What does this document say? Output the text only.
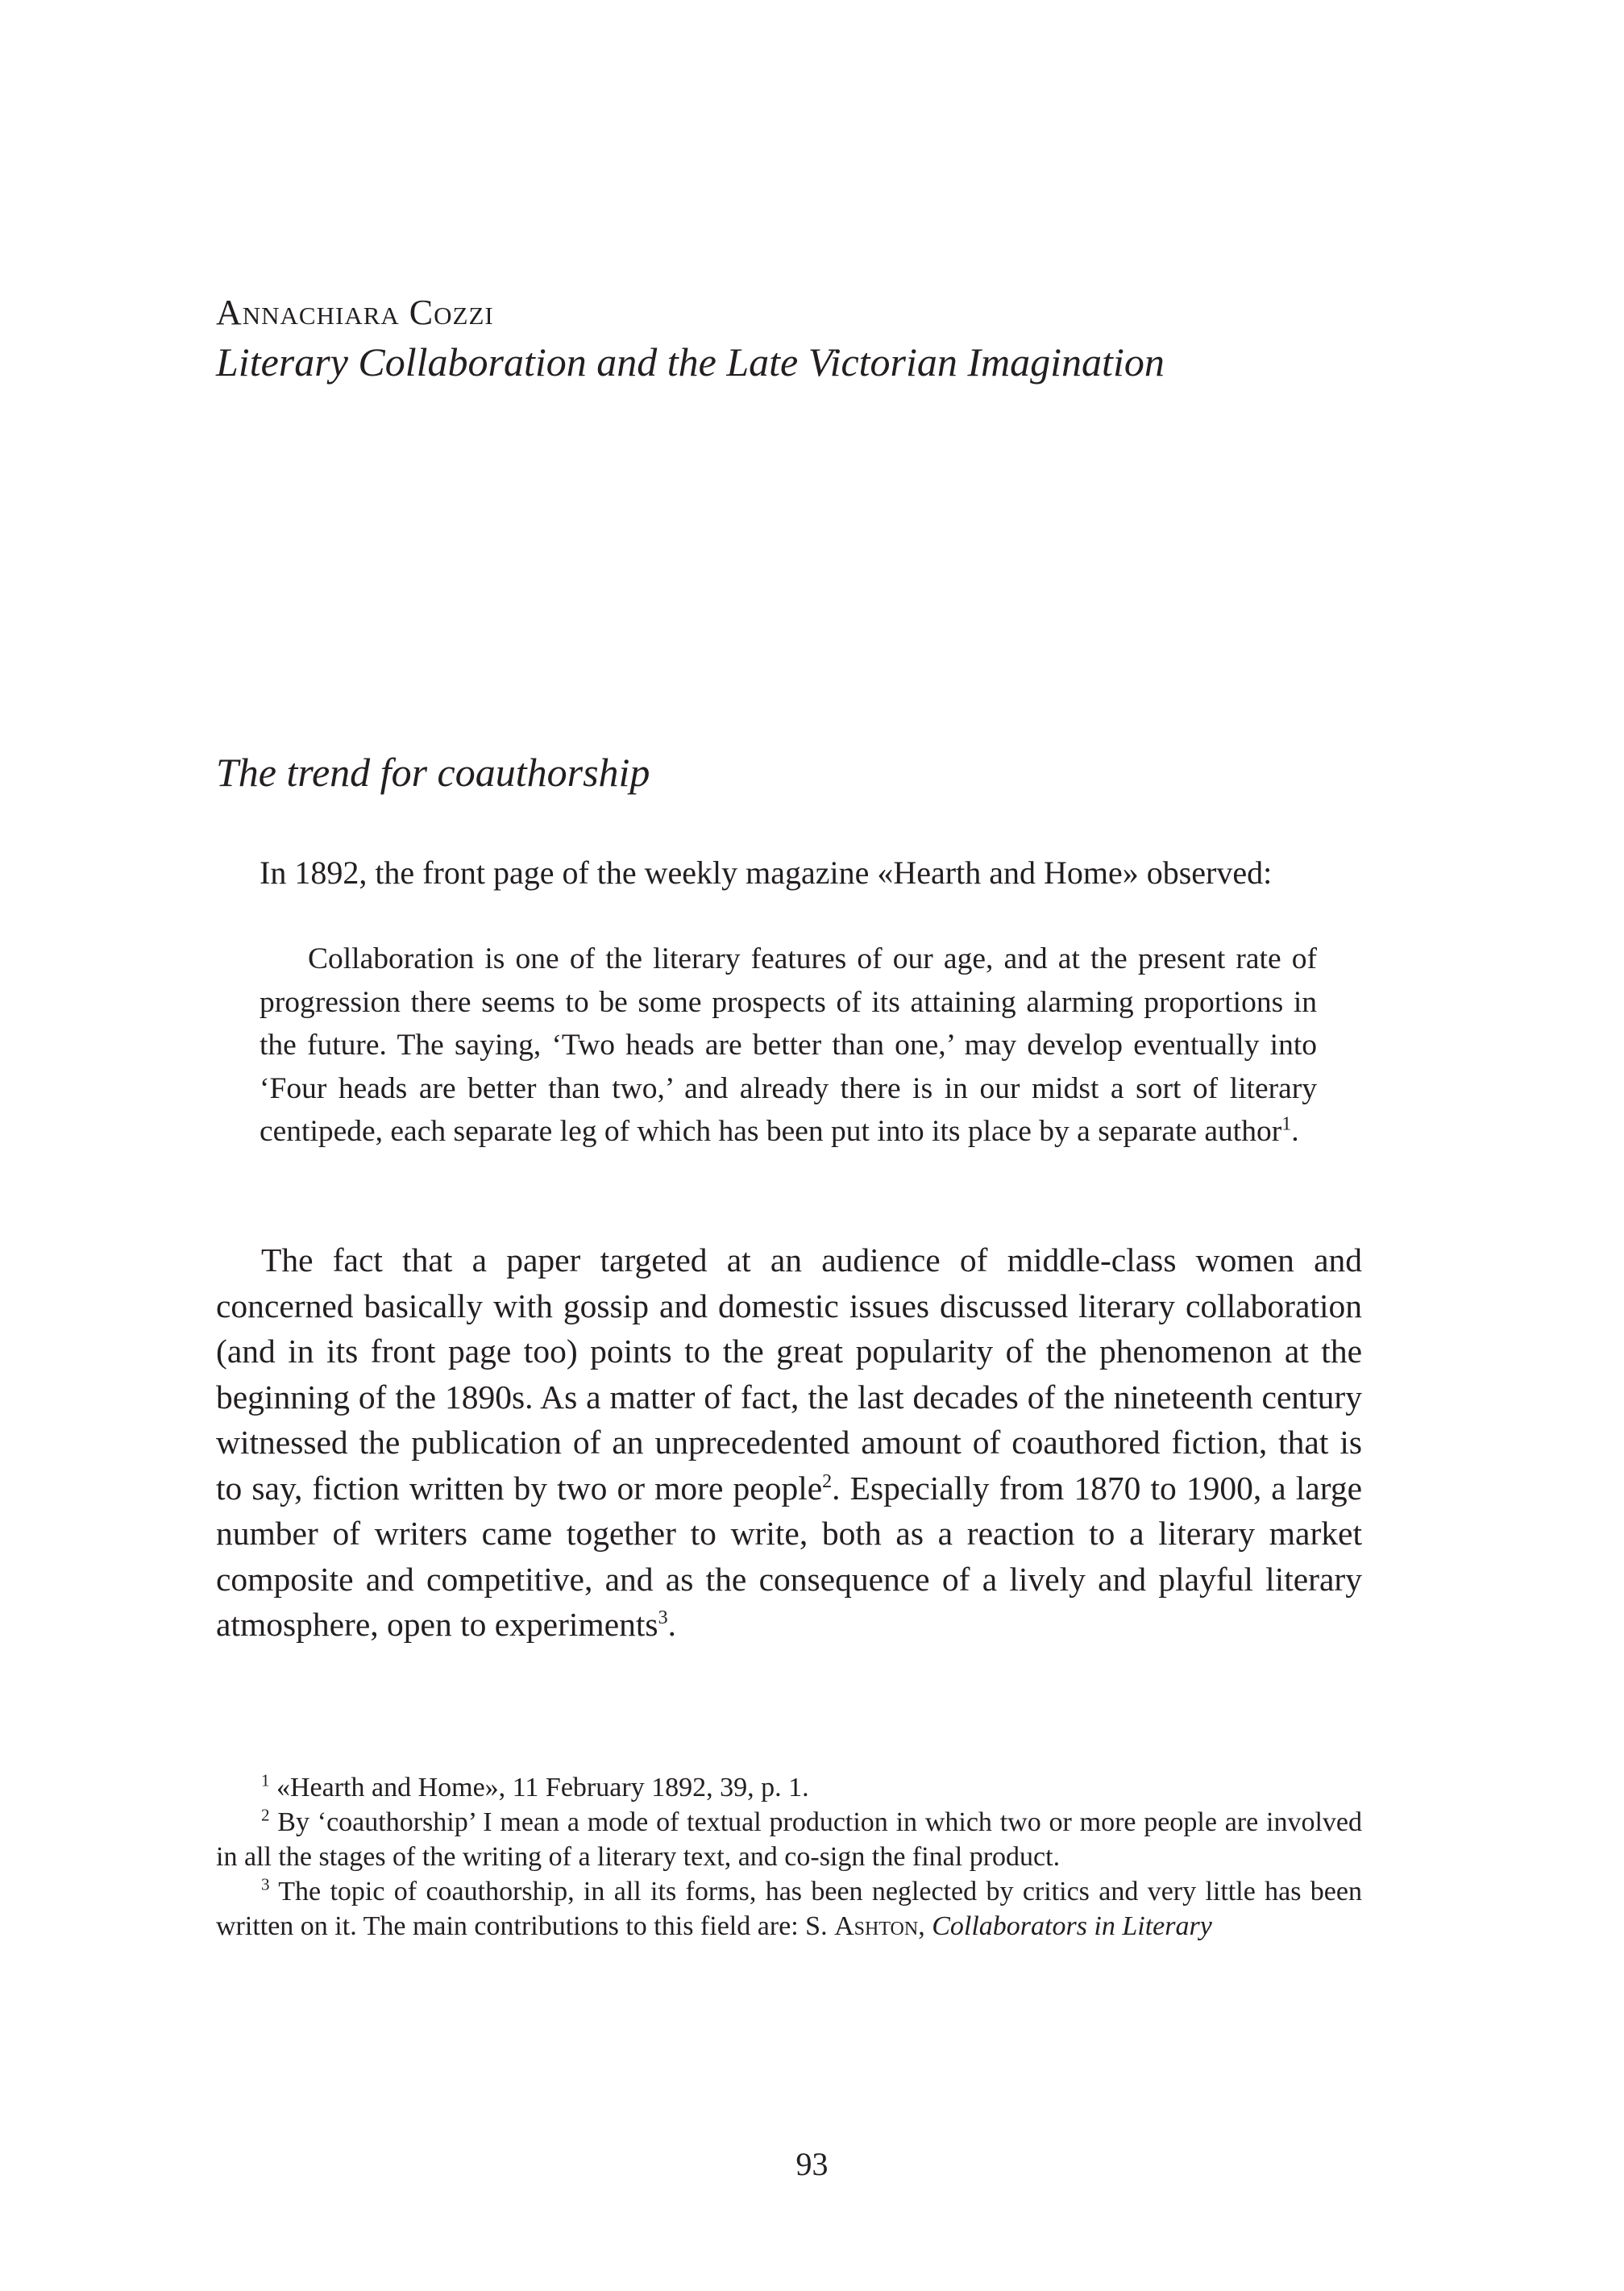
Annachiara Cozzi
Literary Collaboration and the Late Victorian Imagination
The trend for coauthorship
In 1892, the front page of the weekly magazine «Hearth and Home» observed:

Collaboration is one of the literary features of our age, and at the present rate of progression there seems to be some prospects of its attaining alarming proportions in the future. The saying, ‘Two heads are better than one,’ may develop eventually into ‘Four heads are better than two,’ and already there is in our midst a sort of literary centipede, each separate leg of which has been put into its place by a separate author$^1$.

The fact that a paper targeted at an audience of middle-class women and concerned basically with gossip and domestic issues discussed literary collaboration (and in its front page too) points to the great popularity of the phenomenon at the beginning of the 1890s. As a matter of fact, the last decades of the nineteenth century witnessed the publication of an unprecedented amount of coauthored fiction, that is to say, fiction written by two or more people$^2$. Especially from 1870 to 1900, a large number of writers came together to write, both as a reaction to a literary market composite and competitive, and as the consequence of a lively and playful literary atmosphere, open to experiments$^3$.

$^1$ «Hearth and Home», 11 February 1892, 39, p. 1.

$^2$ By ‘coauthorship’ I mean a mode of textual production in which two or more people are involved in all the stages of the writing of a literary text, and co-sign the final product.

$^3$ The topic of coauthorship, in all its forms, has been neglected by critics and very little has been written on it. The main contributions to this field are: S. Ashton, Collaborators in Literary

93
